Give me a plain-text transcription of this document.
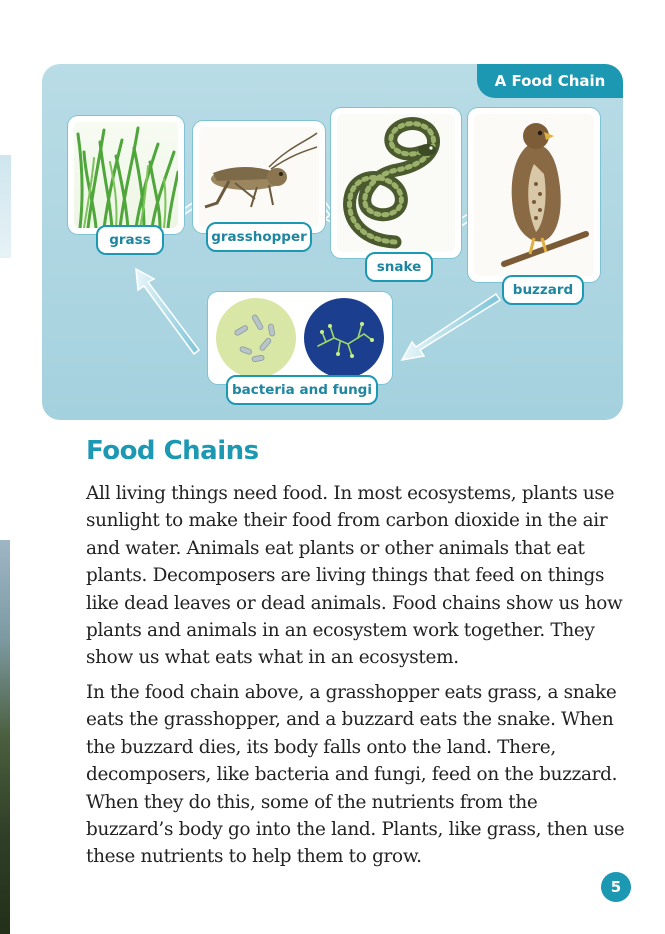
A Food Chain
grass	grasshopper
snake
buzzard
bacteria and fungi
Food Chains

All living things need food. In most ecosystems, plants use sunlight to make their food from carbon dioxide in the air and water. Animals eat plants or other animals that eat plants. Decomposers are living things that feed on things like dead leaves or dead animals. Food chains show us how plants and animals in an ecosystem work together. They show us what eats what in an ecosystem.

In the food chain above, a grasshopper eats grass, a snake eats the grasshopper, and a buzzard eats the snake. When the buzzard dies, its body falls onto the land. There, decomposers, like bacteria and fungi, feed on the buzzard. When they do this, some of the nutrients from the buzzard’s body go into the land. Plants, like grass, then use these nutrients to help them to grow.

5
